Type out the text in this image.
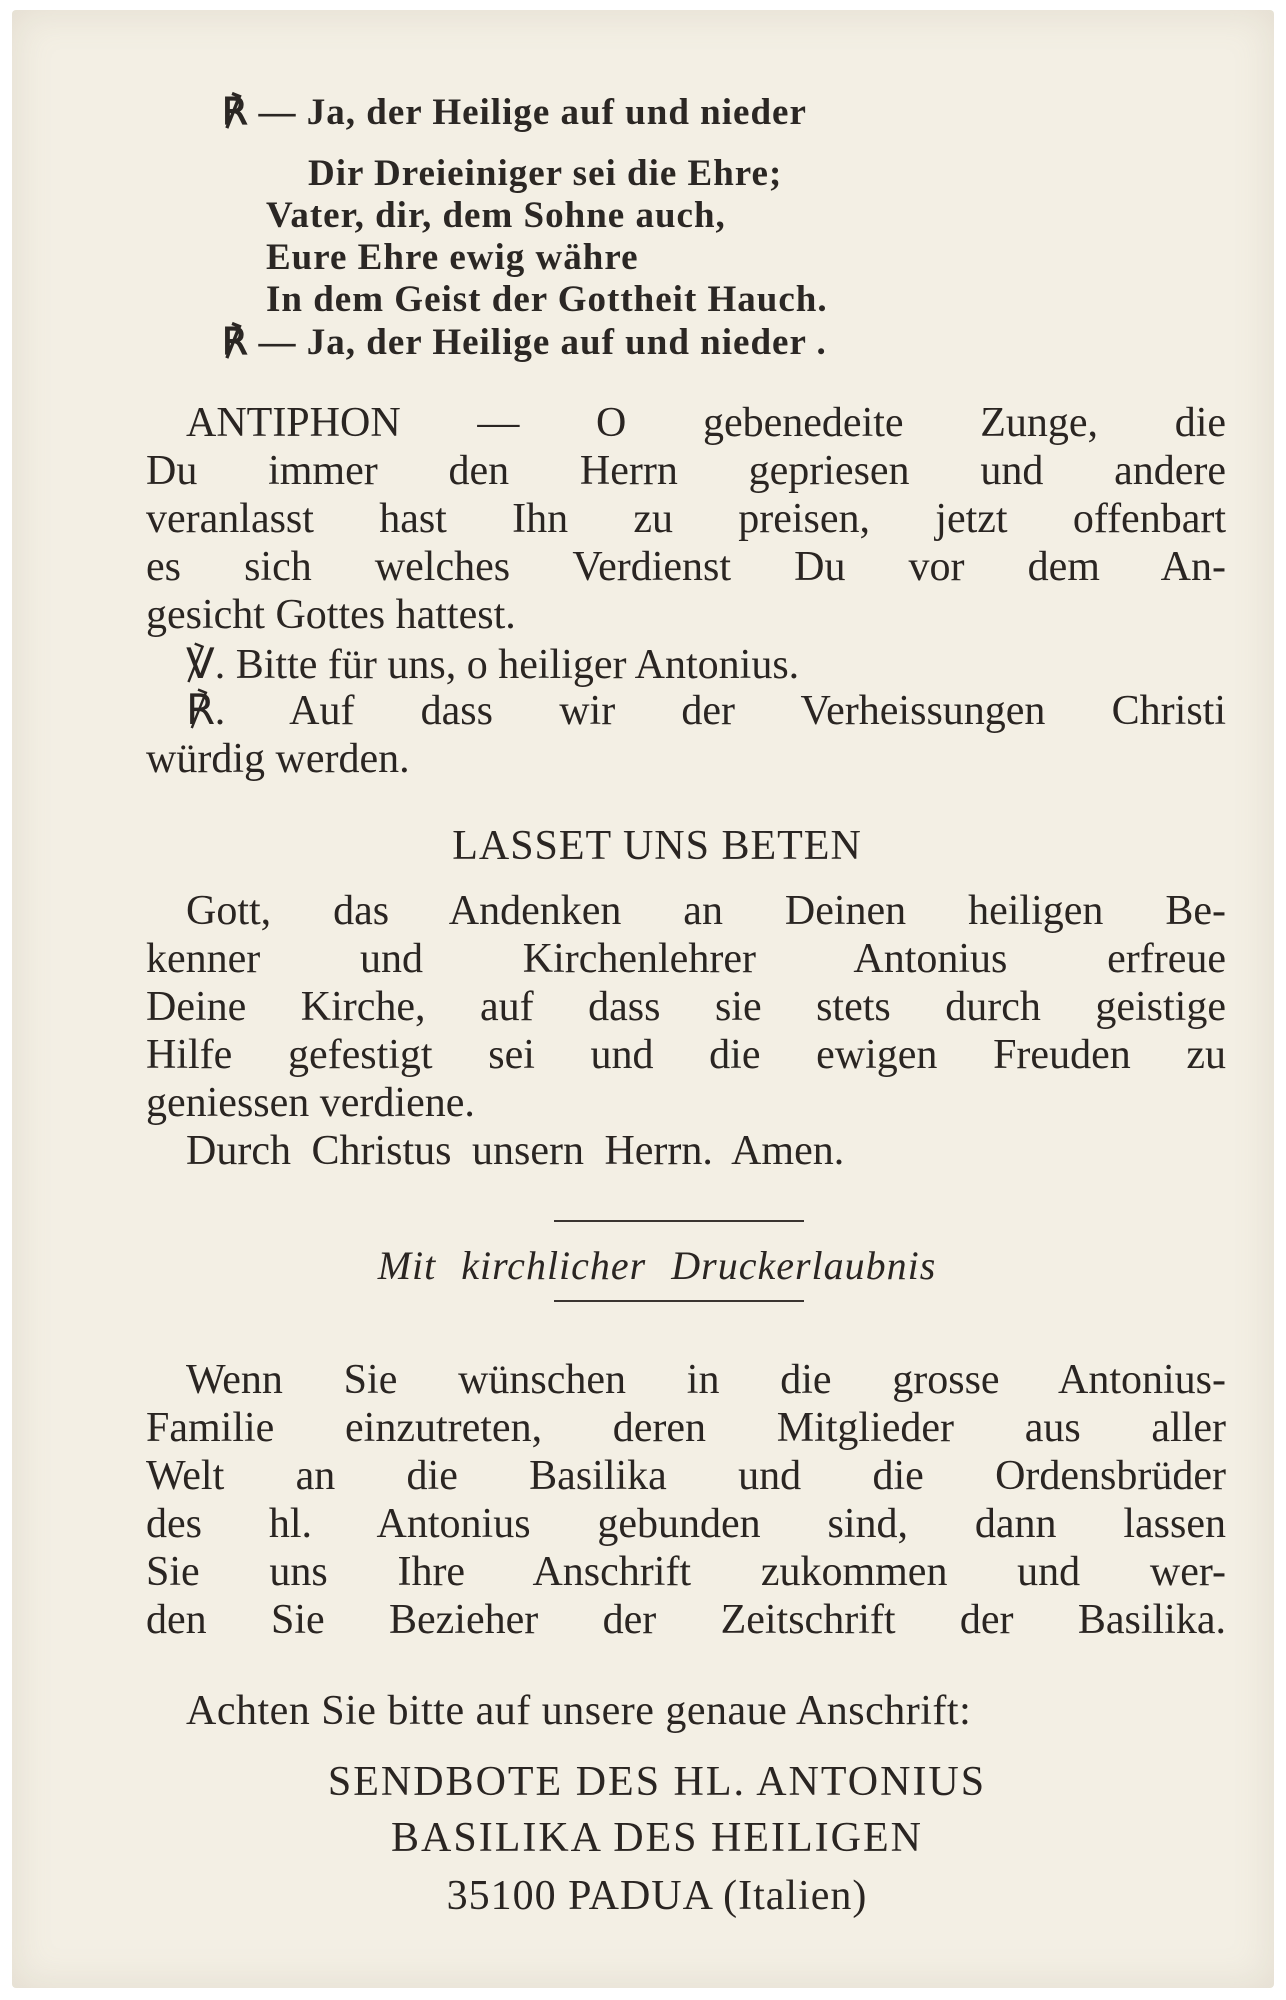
℟ — Ja, der Heilige auf und nieder
Dir Dreieiniger sei die Ehre;
Vater, dir, dem Sohne auch,
Eure Ehre ewig währe
In dem Geist der Gottheit Hauch.
℟ — Ja, der Heilige auf und nieder .
ANTIPHON — O gebenedeite Zunge, die
Du immer den Herrn gepriesen und andere
veranlasst hast Ihn zu preisen, jetzt offenbart
es sich welches Verdienst Du vor dem An-
gesicht Gottes hattest.
℣. Bitte für uns, o heiliger Antonius.
℟. Auf dass wir der Verheissungen Christi
würdig werden.
LASSET UNS BETEN
Gott, das Andenken an Deinen heiligen Be-
kenner und Kirchenlehrer Antonius erfreue
Deine Kirche, auf dass sie stets durch geistige
Hilfe gefestigt sei und die ewigen Freuden zu
geniessen verdiene.
Durch Christus unsern Herrn. Amen.
Mit kirchlicher Druckerlaubnis
Wenn Sie wünschen in die grosse Antonius-
Familie einzutreten, deren Mitglieder aus aller
Welt an die Basilika und die Ordensbrüder
des hl. Antonius gebunden sind, dann lassen
Sie uns Ihre Anschrift zukommen und wer-
den Sie Bezieher der Zeitschrift der Basilika.
Achten Sie bitte auf unsere genaue Anschrift:
SENDBOTE DES HL. ANTONIUS
BASILIKA DES HEILIGEN
35100 PADUA (Italien)
